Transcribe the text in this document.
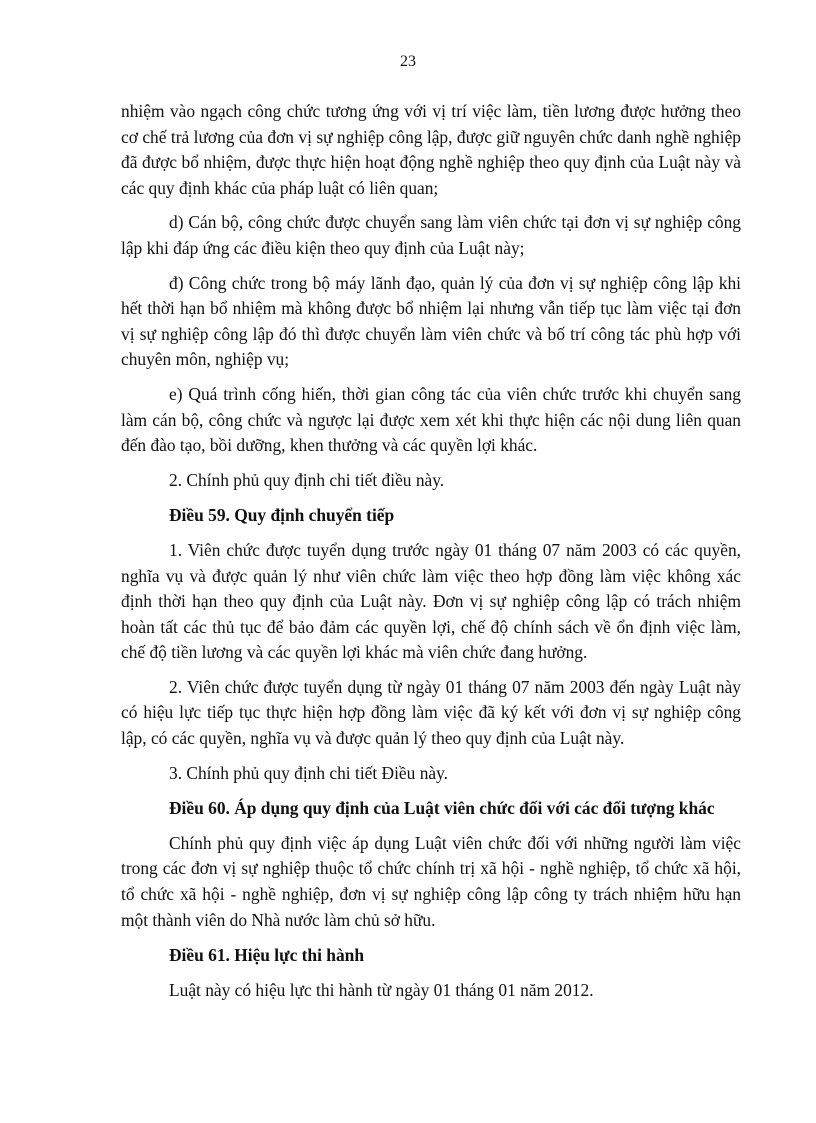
23

nhiệm vào ngạch công chức tương ứng với vị trí việc làm, tiền lương được hưởng theo cơ chế trả lương của đơn vị sự nghiệp công lập, được giữ nguyên chức danh nghề nghiệp đã được bổ nhiệm, được thực hiện hoạt động nghề nghiệp theo quy định của Luật này và các quy định khác của pháp luật có liên quan;

d) Cán bộ, công chức được chuyển sang làm viên chức tại đơn vị sự nghiệp công lập khi đáp ứng các điều kiện theo quy định của Luật này;

đ) Công chức trong bộ máy lãnh đạo, quản lý của đơn vị sự nghiệp công lập khi hết thời hạn bổ nhiệm mà không được bổ nhiệm lại nhưng vẫn tiếp tục làm việc tại đơn vị sự nghiệp công lập đó thì được chuyển làm viên chức và bố trí công tác phù hợp với chuyên môn, nghiệp vụ;

e) Quá trình cống hiến, thời gian công tác của viên chức trước khi chuyển sang làm cán bộ, công chức và ngược lại được xem xét khi thực hiện các nội dung liên quan đến đào tạo, bồi dưỡng, khen thưởng và các quyền lợi khác.

2. Chính phủ quy định chi tiết điều này.

Điều 59. Quy định chuyển tiếp

1. Viên chức được tuyển dụng trước ngày 01 tháng 07 năm 2003 có các quyền, nghĩa vụ và được quản lý như viên chức làm việc theo hợp đồng làm việc không xác định thời hạn theo quy định của Luật này. Đơn vị sự nghiệp công lập có trách nhiệm hoàn tất các thủ tục để bảo đảm các quyền lợi, chế độ chính sách về ổn định việc làm, chế độ tiền lương và các quyền lợi khác mà viên chức đang hưởng.

2. Viên chức được tuyển dụng từ ngày 01 tháng 07 năm 2003 đến ngày Luật này có hiệu lực tiếp tục thực hiện hợp đồng làm việc đã ký kết với đơn vị sự nghiệp công lập, có các quyền, nghĩa vụ và được quản lý theo quy định của Luật này.

3. Chính phủ quy định chi tiết Điều này.

Điều 60. Áp dụng quy định của Luật viên chức đối với các đối tượng khác

Chính phủ quy định việc áp dụng Luật viên chức đối với những người làm việc trong các đơn vị sự nghiệp thuộc tổ chức chính trị xã hội - nghề nghiệp, tổ chức xã hội, tổ chức xã hội - nghề nghiệp, đơn vị sự nghiệp công lập công ty trách nhiệm hữu hạn một thành viên do Nhà nước làm chủ sở hữu.

Điều 61. Hiệu lực thi hành

Luật này có hiệu lực thi hành từ ngày 01 tháng 01 năm 2012.
